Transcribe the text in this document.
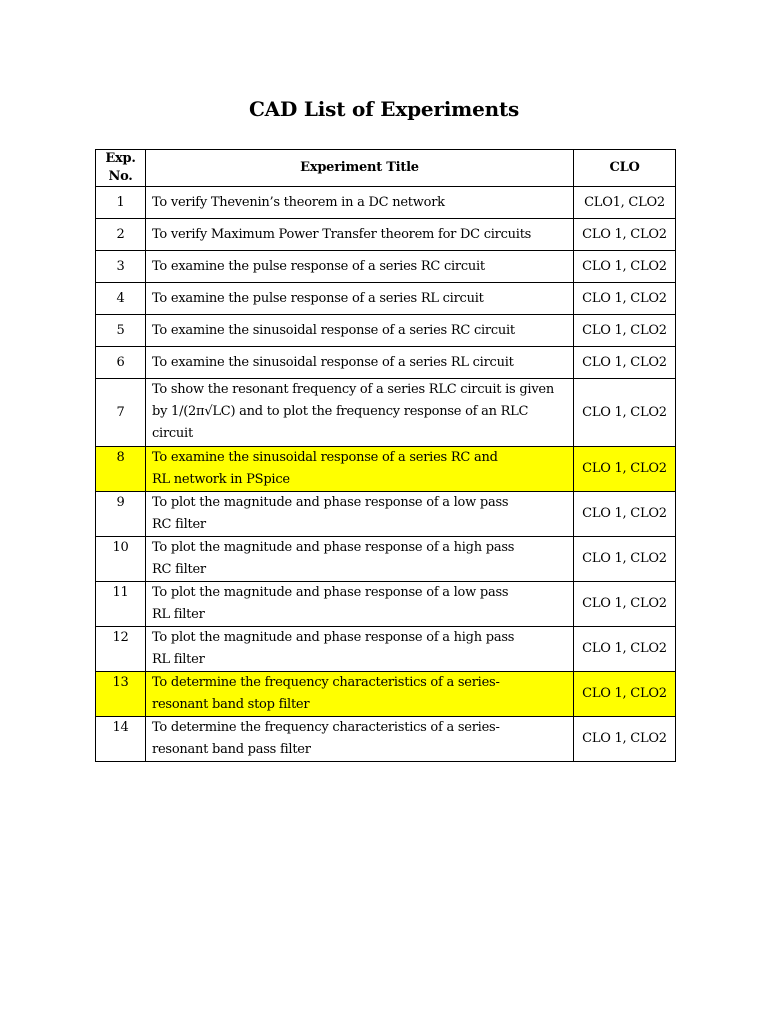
CAD List of Experiments
Exp.
No.	Experiment Title	CLO
1	To verify Thevenin’s theorem in a DC network	CLO1, CLO2
2	To verify Maximum Power Transfer theorem for DC circuits	CLO 1, CLO2
3	To examine the pulse response of a series RC circuit	CLO 1, CLO2
4	To examine the pulse response of a series RL circuit	CLO 1, CLO2
5	To examine the sinusoidal response of a series RC circuit	CLO 1, CLO2
6	To examine the sinusoidal response of a series RL circuit	CLO 1, CLO2
7	To show the resonant frequency of a series RLC circuit is given by 1/(2π√LC) and to plot the frequency response of an RLC circuit	CLO 1, CLO2
8	To examine the sinusoidal response of a series RC and
RL network in PSpice	CLO 1, CLO2
9	To plot the magnitude and phase response of a low pass
RC filter	CLO 1, CLO2
10	To plot the magnitude and phase response of a high pass
RC filter	CLO 1, CLO2
11	To plot the magnitude and phase response of a low pass
RL filter	CLO 1, CLO2
12	To plot the magnitude and phase response of a high pass
RL filter	CLO 1, CLO2
13	To determine the frequency characteristics of a series-
resonant band stop filter	CLO 1, CLO2
14	To determine the frequency characteristics of a series-
resonant band pass filter	CLO 1, CLO2
